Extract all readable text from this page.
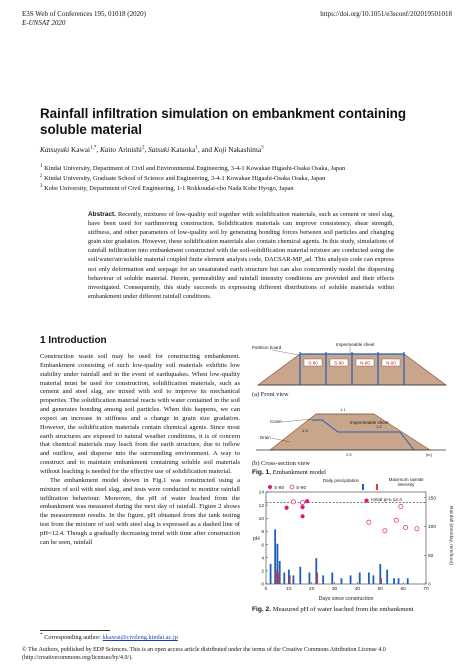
E3S Web of Conferences 195, 01018 (2020)
E-UNSAT 2020
https://doi.org/10.1051/e3sconf/202019501018
Rainfall infiltration simulation on embankment containing soluble material
Katsuyuki Kawai$^{1,*}$, Kaito Arinishi$^2$, Satsuki Kataoka$^1$, and Koji Nakashima$^3$
$^1$ Kindai University, Department of Civil and Environmental Engineering, 3-4-1 Kowakae Higashi-Osaka Osaka, Japan
$^2$ Kindai University, Graduate School of Science and Engineering, 3-4-1 Kowakae Higashi-Osaka Osaka, Japan
$^3$ Kobe University, Department of Civil Engineering, 1-1 Rokkoudai-cho Nada Kobe Hyogo, Japan
Abstract. Recently, mixtures of low-quality soil together with solidification materials, such as cement or steel slag, have been used for earthmoving construction. Solidification materials can improve consistency, shear strength, stiffness, and other parameters of low-quality soil by generating bonding forces between soil particles and changing grain size gradation. However, these solidification materials also contain chemical agents. In this study, simulations of rainfall infiltration into embankment constructed with the soil-solidification material mixture are conducted using the soil/water/air/soluble material coupled finite element analysis code, DACSAR-MP_ad. This analysis code can express not only deformation and seepage for an unsaturated earth structure but can also concurrently model the dispersing behaviour of soluble material. Herein, permeability and rainfall intensity conditions are provided and their effects investigated. Consequently, this study succeeds in expressing different distributions of soluble materials within embankment under different rainfall conditions.
1 Introduction

Construction waste soil may be used for constructing embankment. Embankment consisting of such low-quality soil materials exhibits low stability under rainfall and in the event of earthquakes. When low-quality material must be used for construction, solidification materials, such as cement and steel slag, are mixed with soil to improve its mechanical properties. The solidification material reacts with water contained in the soil and generates bonding among soil particles. When this happens, we can expect an increase in stiffness and a change in grain size gradation. However, the solidification materials contain chemical agents. Since most earth structures are exposed to natural weather conditions, it is of concern that chemical materials may leach from the earth structure, due to inflow and outflow, and disperse into the surrounding environment. A way to construct and to maintain embankment containing soluble soil materials without leaching is needed for the effective use of solidification material.

The embankment model shown in Fig.1 was constructed using a mixture of soil with steel slag, and tests were conducted to monitor rainfall infiltration behaviour. Moreover, the pH of water leached from the embankment was measured during the next day of rainfall. Figure 2 shows the measurement results. In the figure, pH obtained from the tank testing test from the mixture of soil with steel slag is expressed as a dashed line of pH=12.4. Though a gradually decreasing trend with time after construction can be seen, rainfall

S-80	S-90	N-80	N-90
Partition board
Impermeable sheet
(a) Front view
Cover	Impermeable sheet
Drain
1.1
1.3
1.2
2.5	[m]
(b) Cross-section view
Fig. 1. Embankment model
14
12
10
8
6
4
2
0
0	10	20	30	40	50	60	70
150
100
50
0
Initial pH=12.4
S-80 S-90
Daily precipitation	Maximum rainfall intensity
Days since construction
pH	Rainfall (mm/day, mm/hour)
Fig. 2. Measured pH of water leached from the embankment
* Corresponding author: kkawai@civileng.kindai.ac.jp
© The Authors, published by EDP Sciences. This is an open access article distributed under the terms of the Creative Commons Attribution License 4.0 (http://creativecommons.org/licenses/by/4.0/).
